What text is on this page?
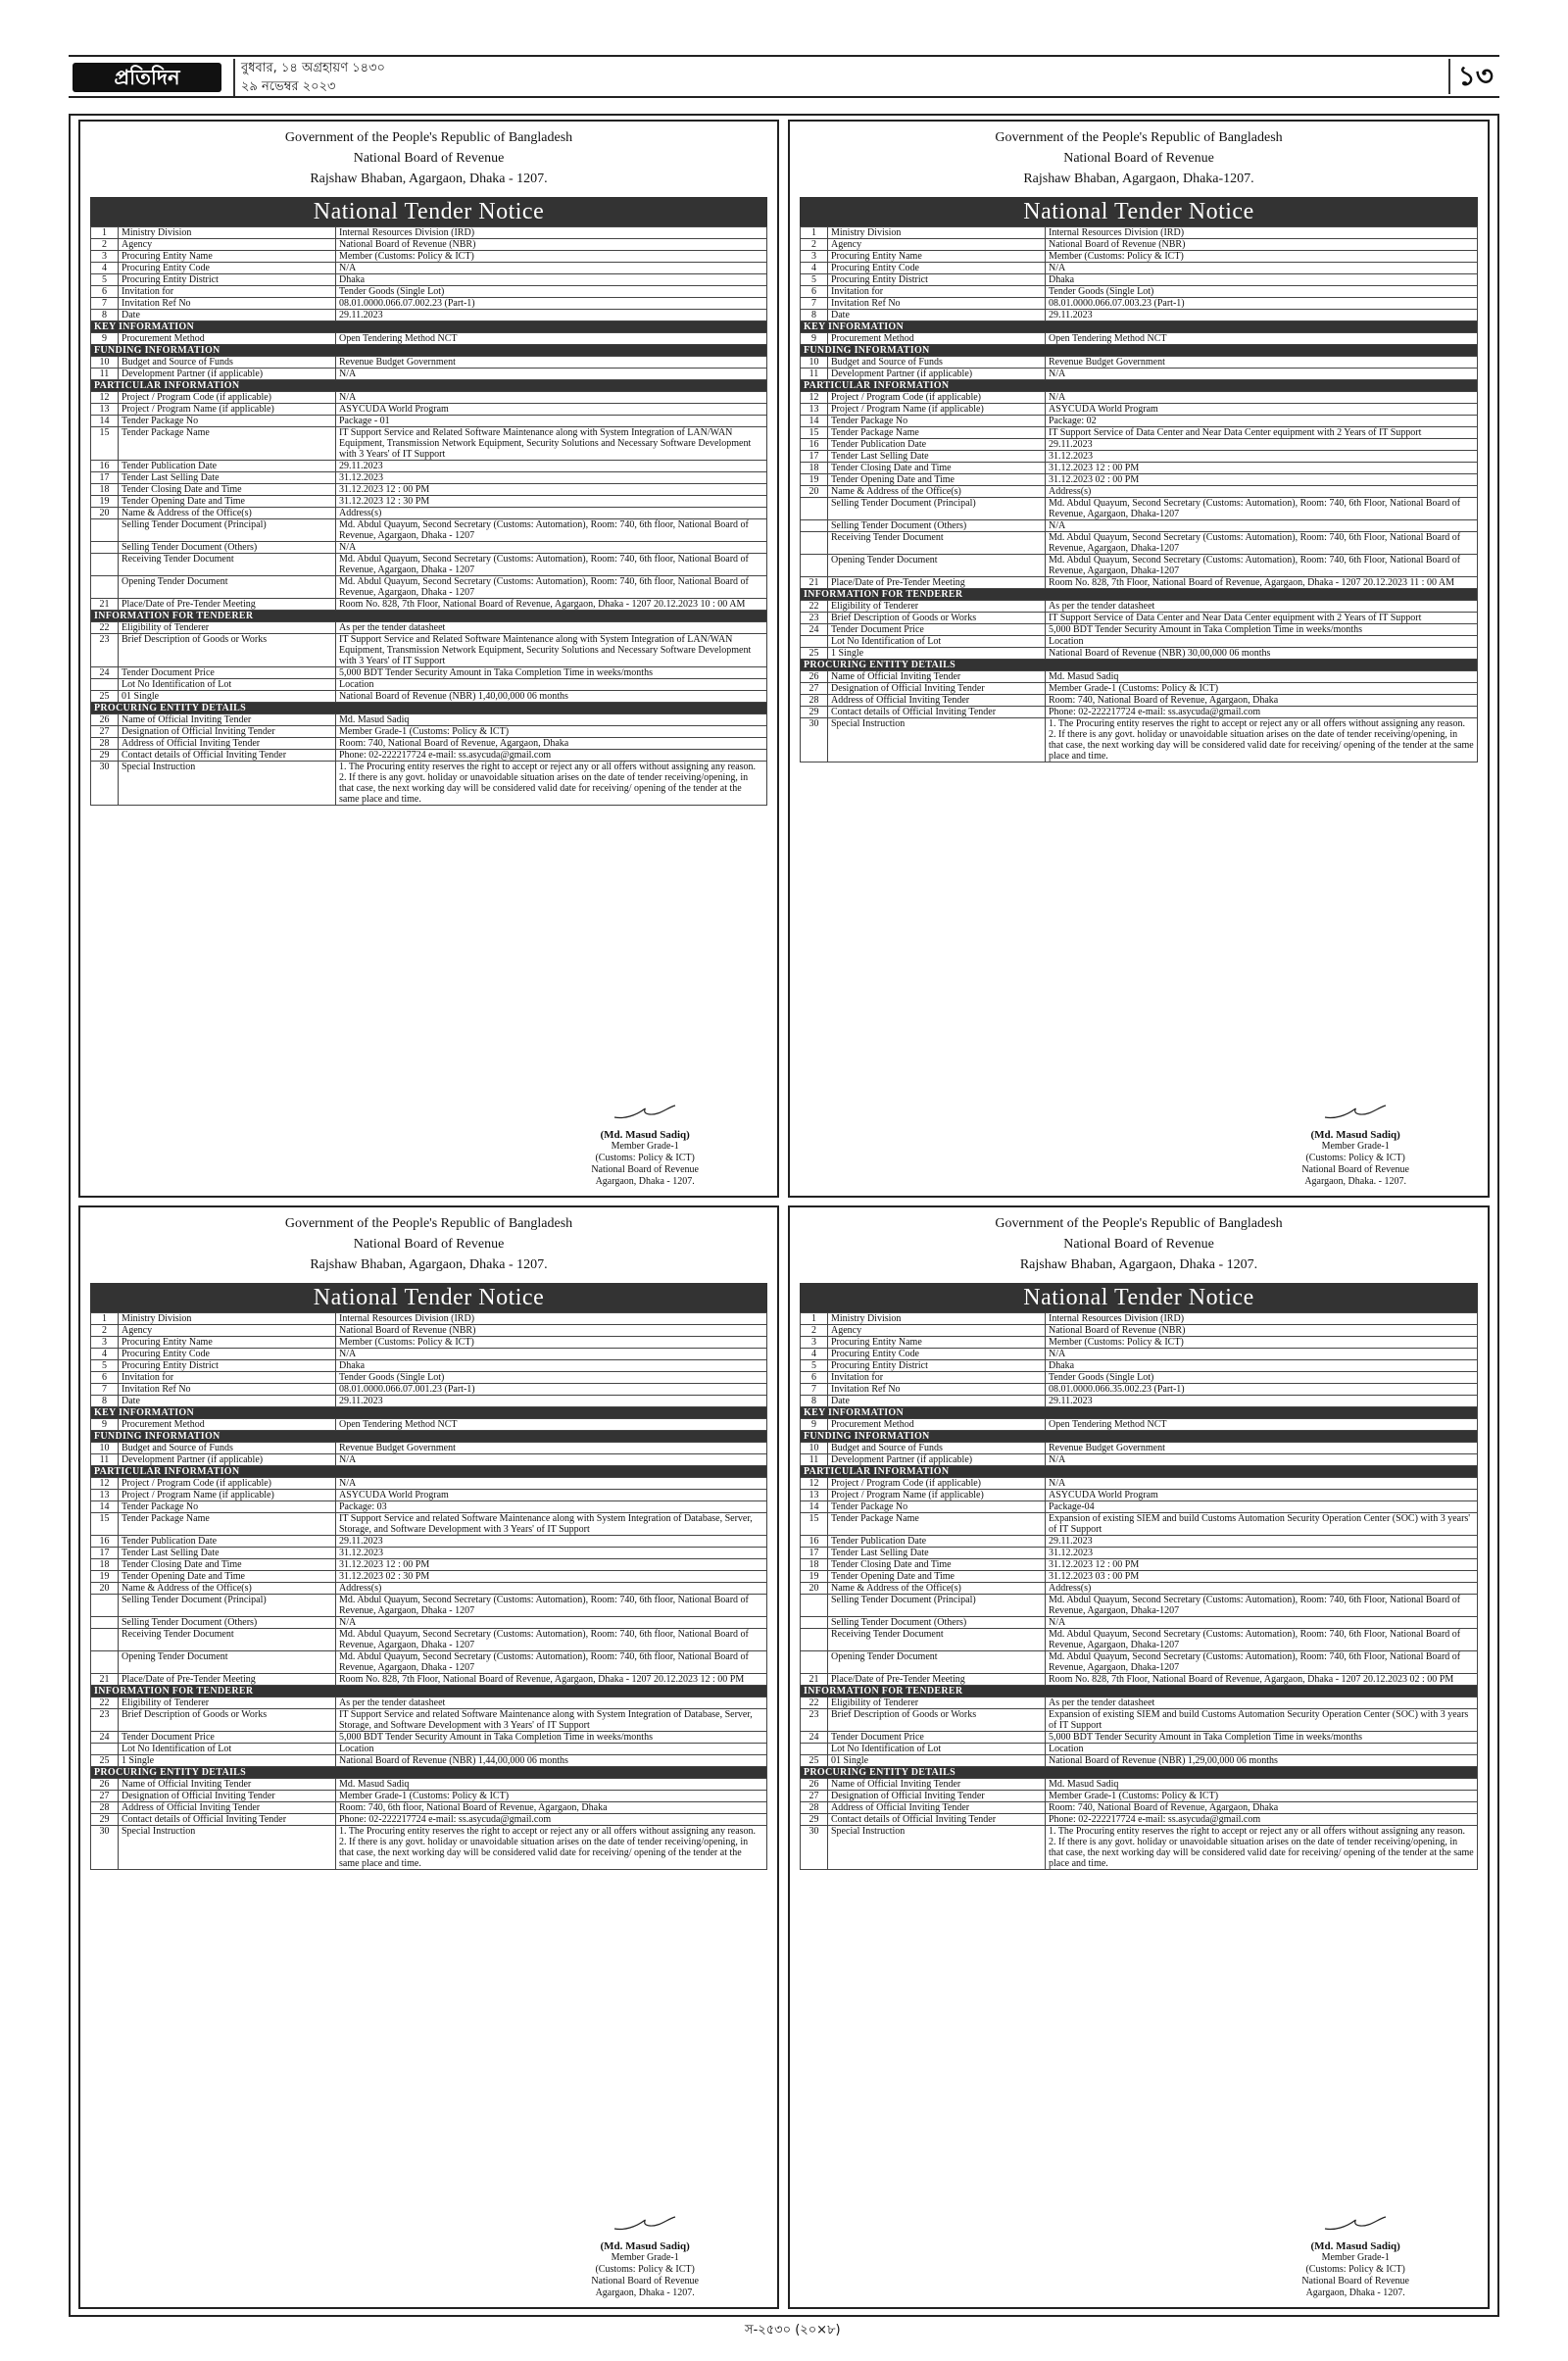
প্রতিদিন	বুধবার, ১৪ অগ্রহায়ণ ১৪৩০
২৯ নভেম্বর ২০২৩	১৩
Government of the People's Republic of Bangladesh
National Board of Revenue
Rajshaw Bhaban, Agargaon, Dhaka - 1207.
National Tender Notice
1	Ministry Division	Internal Resources Division (IRD)
2	Agency	National Board of Revenue (NBR)
3	Procuring Entity Name	Member (Customs: Policy & ICT)
4	Procuring Entity Code	N/A
5	Procuring Entity District	Dhaka
6	Invitation for	Tender Goods (Single Lot)
7	Invitation Ref No	08.01.0000.066.07.002.23 (Part-1)
8	Date	29.11.2023
KEY INFORMATION		
9	Procurement Method	Open Tendering Method NCT
FUNDING INFORMATION		
10	Budget and Source of Funds	Revenue Budget Government
11	Development Partner (if applicable)	N/A
PARTICULAR INFORMATION		
12	Project / Program Code (if applicable)	N/A
13	Project / Program Name (if applicable)	ASYCUDA World Program
14	Tender Package No	Package - 01
15	Tender Package Name	IT Support Service and Related Software Maintenance along with System Integration of LAN/WAN Equipment, Transmission Network Equipment, Security Solutions and Necessary Software Development with 3 Years' of IT Support
16	Tender Publication Date	29.11.2023
17	Tender Last Selling Date	31.12.2023
18	Tender Closing Date and Time	31.12.2023 12 : 00 PM
19	Tender Opening Date and Time	31.12.2023 12 : 30 PM
20	Name & Address of the Office(s)	Address(s)
	Selling Tender Document (Principal)	Md. Abdul Quayum, Second Secretary (Customs: Automation), Room: 740, 6th floor, National Board of Revenue, Agargaon, Dhaka - 1207
	Selling Tender Document (Others)	N/A
	Receiving Tender Document	Md. Abdul Quayum, Second Secretary (Customs: Automation), Room: 740, 6th floor, National Board of Revenue, Agargaon, Dhaka - 1207
	Opening Tender Document	Md. Abdul Quayum, Second Secretary (Customs: Automation), Room: 740, 6th floor, National Board of Revenue, Agargaon, Dhaka - 1207
21	Place/Date of Pre-Tender Meeting	Room No. 828, 7th Floor, National Board of Revenue, Agargaon, Dhaka - 1207 20.12.2023 10 : 00 AM
INFORMATION FOR TENDERER		
22	Eligibility of Tenderer	As per the tender datasheet
23	Brief Description of Goods or Works	IT Support Service and Related Software Maintenance along with System Integration of LAN/WAN Equipment, Transmission Network Equipment, Security Solutions and Necessary Software Development with 3 Years' of IT Support
24	Tender Document Price	5,000 BDT Tender Security Amount in Taka Completion Time in weeks/months
	Lot No Identification of Lot	Location
25	01 Single	National Board of Revenue (NBR) 1,40,00,000 06 months
PROCURING ENTITY DETAILS		
26	Name of Official Inviting Tender	Md. Masud Sadiq
27	Designation of Official Inviting Tender	Member Grade-1 (Customs: Policy & ICT)
28	Address of Official Inviting Tender	Room: 740, National Board of Revenue, Agargaon, Dhaka
29	Contact details of Official Inviting Tender	Phone: 02-222217724 e-mail: ss.asycuda@gmail.com
30	Special Instruction	1. The Procuring entity reserves the right to accept or reject any or all offers without assigning any reason. 2. If there is any govt. holiday or unavoidable situation arises on the date of tender receiving/opening, in that case, the next working day will be considered valid date for receiving/ opening of the tender at the same place and time.
(Md. Masud Sadiq)
Member Grade-1
(Customs: Policy & ICT)
National Board of Revenue
Agargaon, Dhaka - 1207.
Government of the People's Republic of Bangladesh
National Board of Revenue
Rajshaw Bhaban, Agargaon, Dhaka-1207.
National Tender Notice
1	Ministry Division	Internal Resources Division (IRD)
2	Agency	National Board of Revenue (NBR)
3	Procuring Entity Name	Member (Customs: Policy & ICT)
4	Procuring Entity Code	N/A
5	Procuring Entity District	Dhaka
6	Invitation for	Tender Goods (Single Lot)
7	Invitation Ref No	08.01.0000.066.07.003.23 (Part-1)
8	Date	29.11.2023
KEY INFORMATION		
9	Procurement Method	Open Tendering Method NCT
FUNDING INFORMATION		
10	Budget and Source of Funds	Revenue Budget Government
11	Development Partner (if applicable)	N/A
PARTICULAR INFORMATION		
12	Project / Program Code (if applicable)	N/A
13	Project / Program Name (if applicable)	ASYCUDA World Program
14	Tender Package No	Package: 02
15	Tender Package Name	IT Support Service of Data Center and Near Data Center equipment with 2 Years of IT Support
16	Tender Publication Date	29.11.2023
17	Tender Last Selling Date	31.12.2023
18	Tender Closing Date and Time	31.12.2023 12 : 00 PM
19	Tender Opening Date and Time	31.12.2023 02 : 00 PM
20	Name & Address of the Office(s)	Address(s)
	Selling Tender Document (Principal)	Md. Abdul Quayum, Second Secretary (Customs: Automation), Room: 740, 6th Floor, National Board of Revenue, Agargaon, Dhaka-1207
	Selling Tender Document (Others)	N/A
	Receiving Tender Document	Md. Abdul Quayum, Second Secretary (Customs: Automation), Room: 740, 6th Floor, National Board of Revenue, Agargaon, Dhaka-1207
	Opening Tender Document	Md. Abdul Quayum, Second Secretary (Customs: Automation), Room: 740, 6th Floor, National Board of Revenue, Agargaon, Dhaka-1207
21	Place/Date of Pre-Tender Meeting	Room No. 828, 7th Floor, National Board of Revenue, Agargaon, Dhaka - 1207 20.12.2023 11 : 00 AM
INFORMATION FOR TENDERER		
22	Eligibility of Tenderer	As per the tender datasheet
23	Brief Description of Goods or Works	IT Support Service of Data Center and Near Data Center equipment with 2 Years of IT Support
24	Tender Document Price	5,000 BDT Tender Security Amount in Taka Completion Time in weeks/months
	Lot No Identification of Lot	Location
25	1 Single	National Board of Revenue (NBR) 30,00,000 06 months
PROCURING ENTITY DETAILS		
26	Name of Official Inviting Tender	Md. Masud Sadiq
27	Designation of Official Inviting Tender	Member Grade-1 (Customs: Policy & ICT)
28	Address of Official Inviting Tender	Room: 740, National Board of Revenue, Agargaon, Dhaka
29	Contact details of Official Inviting Tender	Phone: 02-222217724 e-mail: ss.asycuda@gmail.com
30	Special Instruction	1. The Procuring entity reserves the right to accept or reject any or all offers without assigning any reason. 2. If there is any govt. holiday or unavoidable situation arises on the date of tender receiving/opening, in that case, the next working day will be considered valid date for receiving/ opening of the tender at the same place and time.
(Md. Masud Sadiq)
Member Grade-1
(Customs: Policy & ICT)
National Board of Revenue
Agargaon, Dhaka. - 1207.
Government of the People's Republic of Bangladesh
National Board of Revenue
Rajshaw Bhaban, Agargaon, Dhaka - 1207.
National Tender Notice
1	Ministry Division	Internal Resources Division (IRD)
2	Agency	National Board of Revenue (NBR)
3	Procuring Entity Name	Member (Customs: Policy & ICT)
4	Procuring Entity Code	N/A
5	Procuring Entity District	Dhaka
6	Invitation for	Tender Goods (Single Lot)
7	Invitation Ref No	08.01.0000.066.07.001.23 (Part-1)
8	Date	29.11.2023
KEY INFORMATION		
9	Procurement Method	Open Tendering Method NCT
FUNDING INFORMATION		
10	Budget and Source of Funds	Revenue Budget Government
11	Development Partner (if applicable)	N/A
PARTICULAR INFORMATION		
12	Project / Program Code (if applicable)	N/A
13	Project / Program Name (if applicable)	ASYCUDA World Program
14	Tender Package No	Package: 03
15	Tender Package Name	IT Support Service and related Software Maintenance along with System Integration of Database, Server, Storage, and Software Development with 3 Years' of IT Support
16	Tender Publication Date	29.11.2023
17	Tender Last Selling Date	31.12.2023
18	Tender Closing Date and Time	31.12.2023 12 : 00 PM
19	Tender Opening Date and Time	31.12.2023 02 : 30 PM
20	Name & Address of the Office(s)	Address(s)
	Selling Tender Document (Principal)	Md. Abdul Quayum, Second Secretary (Customs: Automation), Room: 740, 6th floor, National Board of Revenue, Agargaon, Dhaka - 1207
	Selling Tender Document (Others)	N/A
	Receiving Tender Document	Md. Abdul Quayum, Second Secretary (Customs: Automation), Room: 740, 6th floor, National Board of Revenue, Agargaon, Dhaka - 1207
	Opening Tender Document	Md. Abdul Quayum, Second Secretary (Customs: Automation), Room: 740, 6th floor, National Board of Revenue, Agargaon, Dhaka - 1207
21	Place/Date of Pre-Tender Meeting	Room No. 828, 7th Floor, National Board of Revenue, Agargaon, Dhaka - 1207 20.12.2023 12 : 00 PM
INFORMATION FOR TENDERER		
22	Eligibility of Tenderer	As per the tender datasheet
23	Brief Description of Goods or Works	IT Support Service and related Software Maintenance along with System Integration of Database, Server, Storage, and Software Development with 3 Years' of IT Support
24	Tender Document Price	5,000 BDT Tender Security Amount in Taka Completion Time in weeks/months
	Lot No Identification of Lot	Location
25	1 Single	National Board of Revenue (NBR) 1,44,00,000 06 months
PROCURING ENTITY DETAILS		
26	Name of Official Inviting Tender	Md. Masud Sadiq
27	Designation of Official Inviting Tender	Member Grade-1 (Customs: Policy & ICT)
28	Address of Official Inviting Tender	Room: 740, 6th floor, National Board of Revenue, Agargaon, Dhaka
29	Contact details of Official Inviting Tender	Phone: 02-222217724 e-mail: ss.asycuda@gmail.com
30	Special Instruction	1. The Procuring entity reserves the right to accept or reject any or all offers without assigning any reason. 2. If there is any govt. holiday or unavoidable situation arises on the date of tender receiving/opening, in that case, the next working day will be considered valid date for receiving/ opening of the tender at the same place and time.
(Md. Masud Sadiq)
Member Grade-1
(Customs: Policy & ICT)
National Board of Revenue
Agargaon, Dhaka - 1207.
Government of the People's Republic of Bangladesh
National Board of Revenue
Rajshaw Bhaban, Agargaon, Dhaka - 1207.
National Tender Notice
1	Ministry Division	Internal Resources Division (IRD)
2	Agency	National Board of Revenue (NBR)
3	Procuring Entity Name	Member (Customs: Policy & ICT)
4	Procuring Entity Code	N/A
5	Procuring Entity District	Dhaka
6	Invitation for	Tender Goods (Single Lot)
7	Invitation Ref No	08.01.0000.066.35.002.23 (Part-1)
8	Date	29.11.2023
KEY INFORMATION		
9	Procurement Method	Open Tendering Method NCT
FUNDING INFORMATION		
10	Budget and Source of Funds	Revenue Budget Government
11	Development Partner (if applicable)	N/A
PARTICULAR INFORMATION		
12	Project / Program Code (if applicable)	N/A
13	Project / Program Name (if applicable)	ASYCUDA World Program
14	Tender Package No	Package-04
15	Tender Package Name	Expansion of existing SIEM and build Customs Automation Security Operation Center (SOC) with 3 years' of IT Support
16	Tender Publication Date	29.11.2023
17	Tender Last Selling Date	31.12.2023
18	Tender Closing Date and Time	31.12.2023 12 : 00 PM
19	Tender Opening Date and Time	31.12.2023 03 : 00 PM
20	Name & Address of the Office(s)	Address(s)
	Selling Tender Document (Principal)	Md. Abdul Quayum, Second Secretary (Customs: Automation), Room: 740, 6th Floor, National Board of Revenue, Agargaon, Dhaka-1207
	Selling Tender Document (Others)	N/A
	Receiving Tender Document	Md. Abdul Quayum, Second Secretary (Customs: Automation), Room: 740, 6th Floor, National Board of Revenue, Agargaon, Dhaka-1207
	Opening Tender Document	Md. Abdul Quayum, Second Secretary (Customs: Automation), Room: 740, 6th Floor, National Board of Revenue, Agargaon, Dhaka-1207
21	Place/Date of Pre-Tender Meeting	Room No. 828, 7th Floor, National Board of Revenue, Agargaon, Dhaka - 1207 20.12.2023 02 : 00 PM
INFORMATION FOR TENDERER		
22	Eligibility of Tenderer	As per the tender datasheet
23	Brief Description of Goods or Works	Expansion of existing SIEM and build Customs Automation Security Operation Center (SOC) with 3 years of IT Support
24	Tender Document Price	5,000 BDT Tender Security Amount in Taka Completion Time in weeks/months
	Lot No Identification of Lot	Location
25	01 Single	National Board of Revenue (NBR) 1,29,00,000 06 months
PROCURING ENTITY DETAILS		
26	Name of Official Inviting Tender	Md. Masud Sadiq
27	Designation of Official Inviting Tender	Member Grade-1 (Customs: Policy & ICT)
28	Address of Official Inviting Tender	Room: 740, National Board of Revenue, Agargaon, Dhaka
29	Contact details of Official Inviting Tender	Phone: 02-222217724 e-mail: ss.asycuda@gmail.com
30	Special Instruction	1. The Procuring entity reserves the right to accept or reject any or all offers without assigning any reason. 2. If there is any govt. holiday or unavoidable situation arises on the date of tender receiving/opening, in that case, the next working day will be considered valid date for receiving/ opening of the tender at the same place and time.
(Md. Masud Sadiq)
Member Grade-1
(Customs: Policy & ICT)
National Board of Revenue
Agargaon, Dhaka - 1207.
স-২৫৩০ (২০×৮)
